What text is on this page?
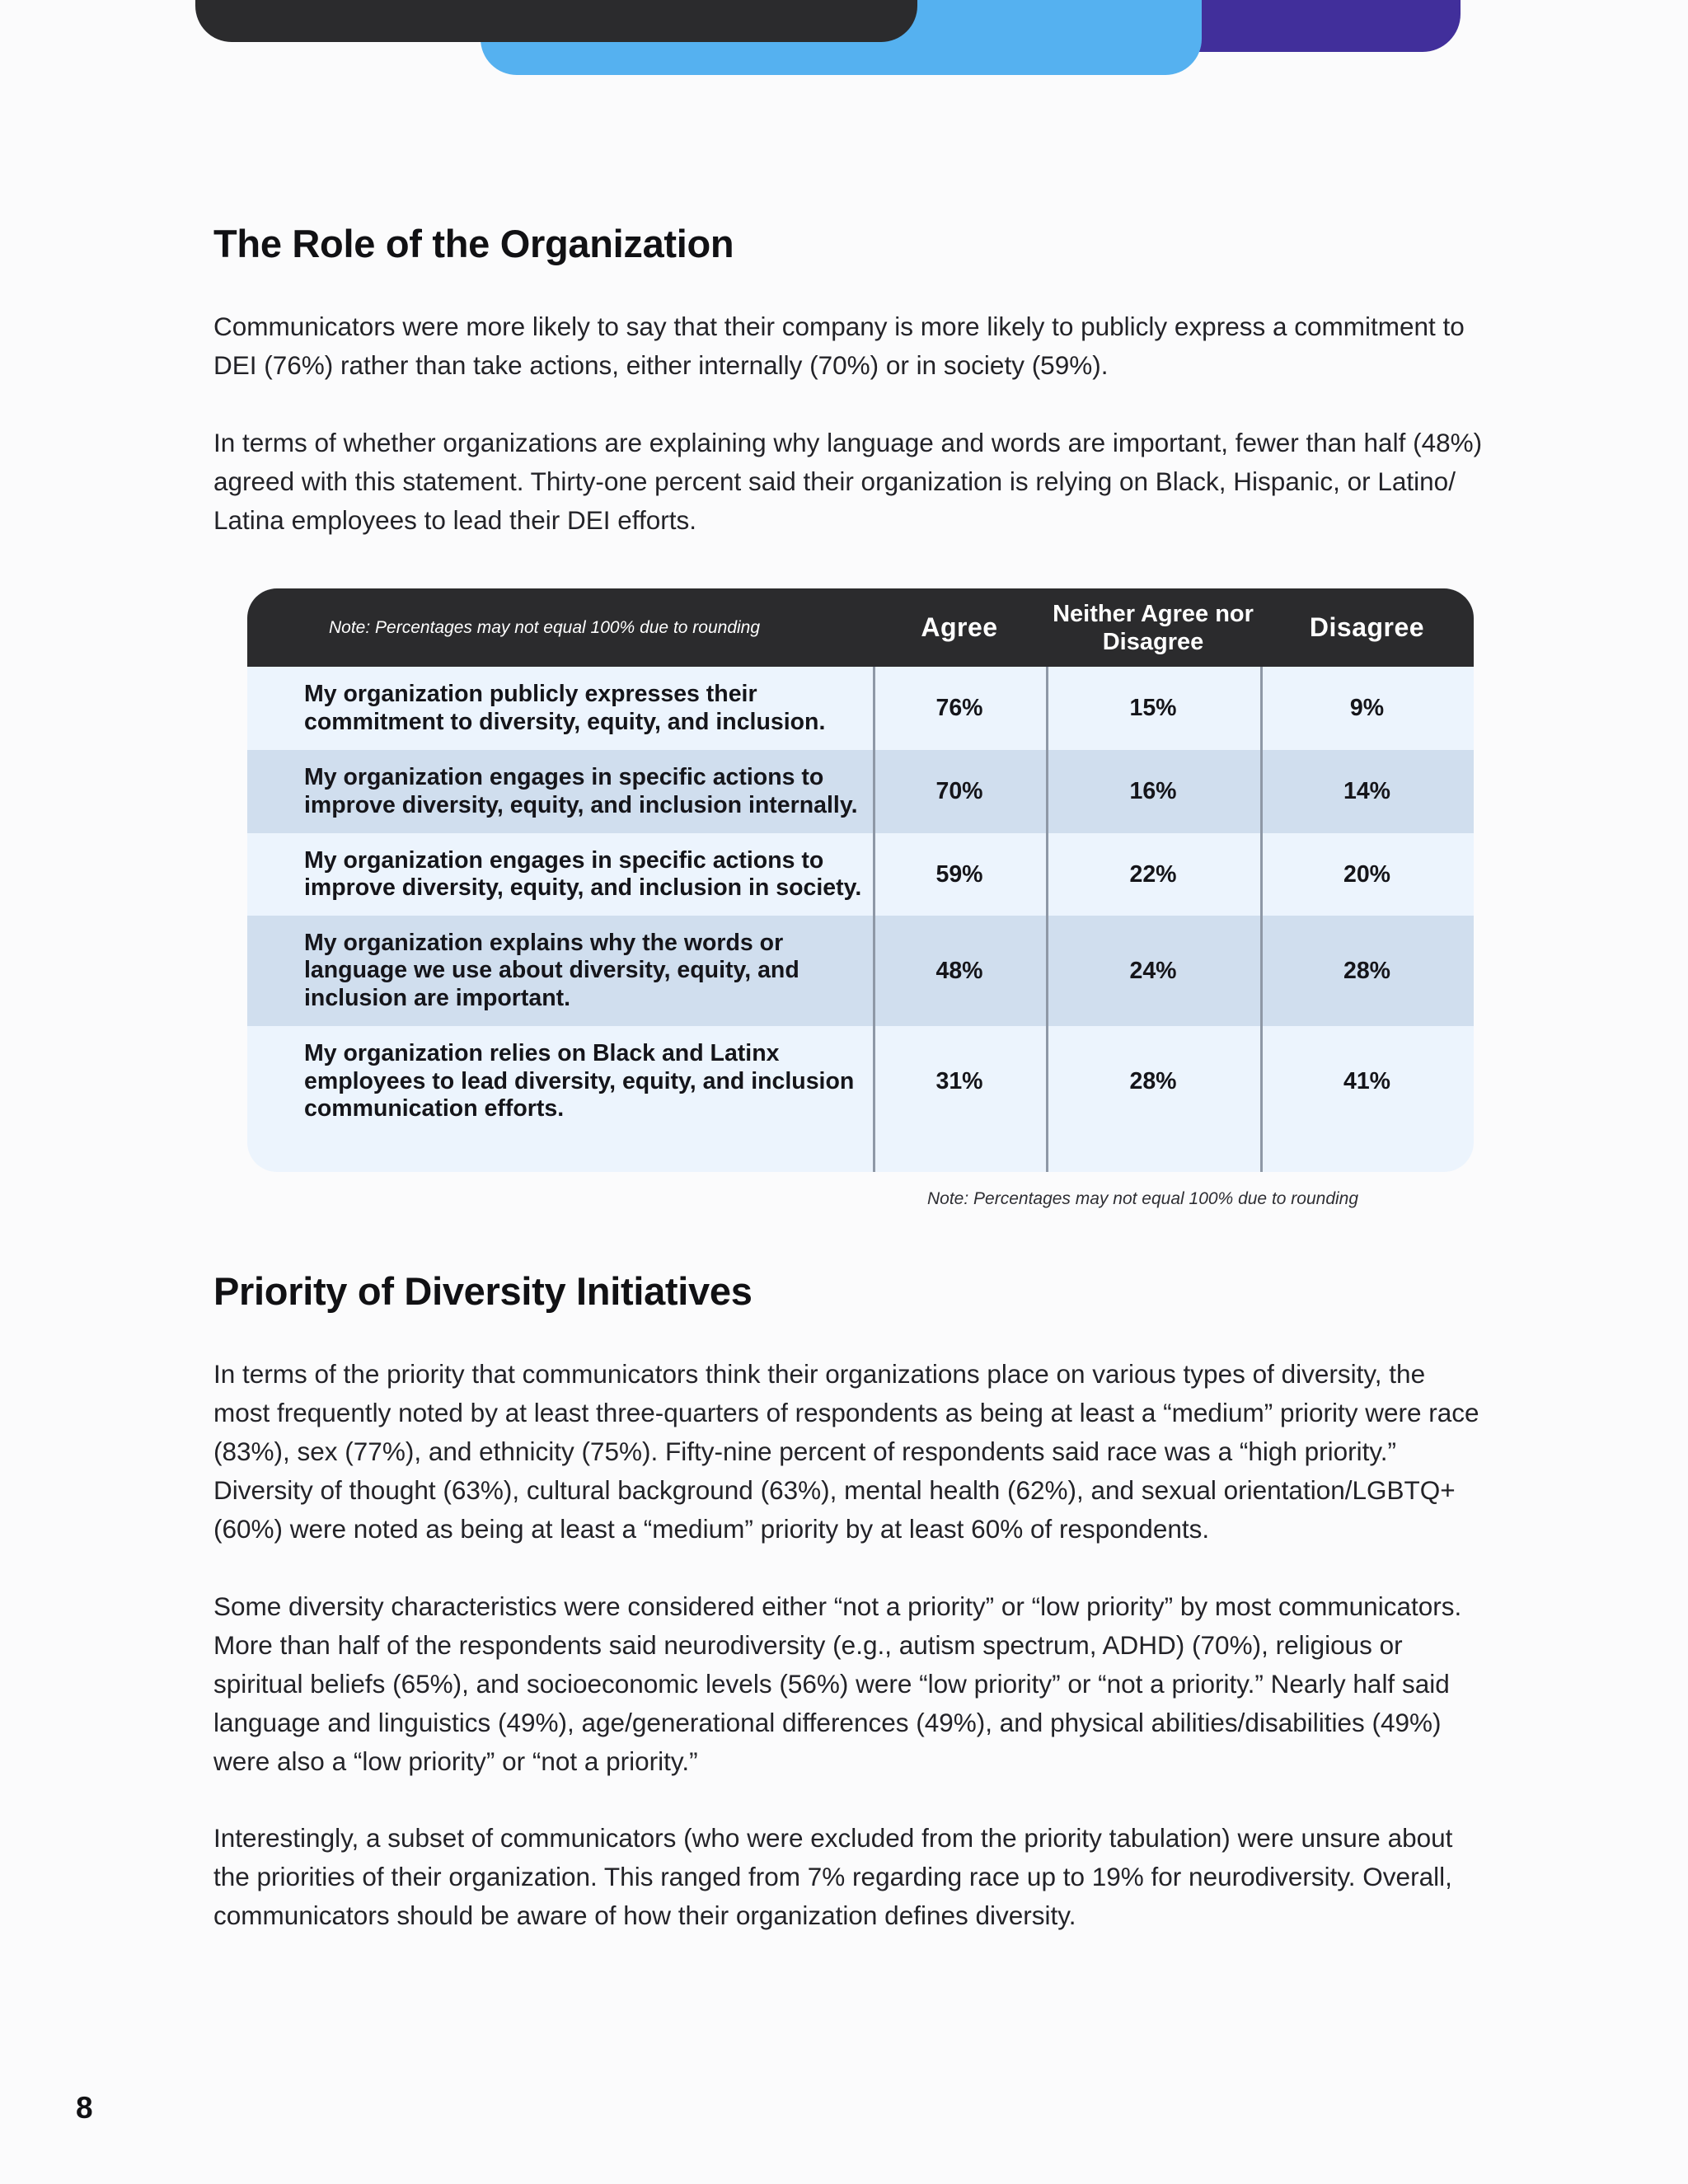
The Role of the Organization

Communicators were more likely to say that their company is more likely to publicly express a commitment to DEI (76%) rather than take actions, either internally (70%) or in society (59%).

In terms of whether organizations are explaining why language and words are important, fewer than half (48%) agreed with this statement. Thirty-one percent said their organization is relying on Black, Hispanic, or Latino/ Latina employees to lead their DEI efforts.

Note: Percentages may not equal 100% due to rounding	Agree	Neither Agree nor Disagree	Disagree
My organization publicly expresses their commitment to diversity, equity, and inclusion.
76%	15%	9%
My organization engages in specific actions to improve diversity, equity, and inclusion internally.
70%	16%	14%
My organization engages in specific actions to improve diversity, equity, and inclusion in society.
59%	22%	20%
My organization explains why the words or language we use about diversity, equity, and inclusion are important.
48%	24%	28%
My organization relies on Black and Latinx employees to lead diversity, equity, and inclusion communication efforts.
31%	28%	41%
Note: Percentages may not equal 100% due to rounding
Priority of Diversity Initiatives

In terms of the priority that communicators think their organizations place on various types of diversity, the most frequently noted by at least three-quarters of respondents as being at least a “medium” priority were race (83%), sex (77%), and ethnicity (75%). Fifty-nine percent of respondents said race was a “high priority.” Diversity of thought (63%), cultural background (63%), mental health (62%), and sexual orientation/LGBTQ+ (60%) were noted as being at least a “medium” priority by at least 60% of respondents.

Some diversity characteristics were considered either “not a priority” or “low priority” by most communicators. More than half of the respondents said neurodiversity (e.g., autism spectrum, ADHD) (70%), religious or spiritual beliefs (65%), and socioeconomic levels (56%) were “low priority” or “not a priority.” Nearly half said language and linguistics (49%), age/generational differences (49%), and physical abilities/disabilities (49%) were also a “low priority” or “not a priority.”

Interestingly, a subset of communicators (who were excluded from the priority tabulation) were unsure about the priorities of their organization. This ranged from 7% regarding race up to 19% for neurodiversity. Overall, communicators should be aware of how their organization defines diversity.

8
